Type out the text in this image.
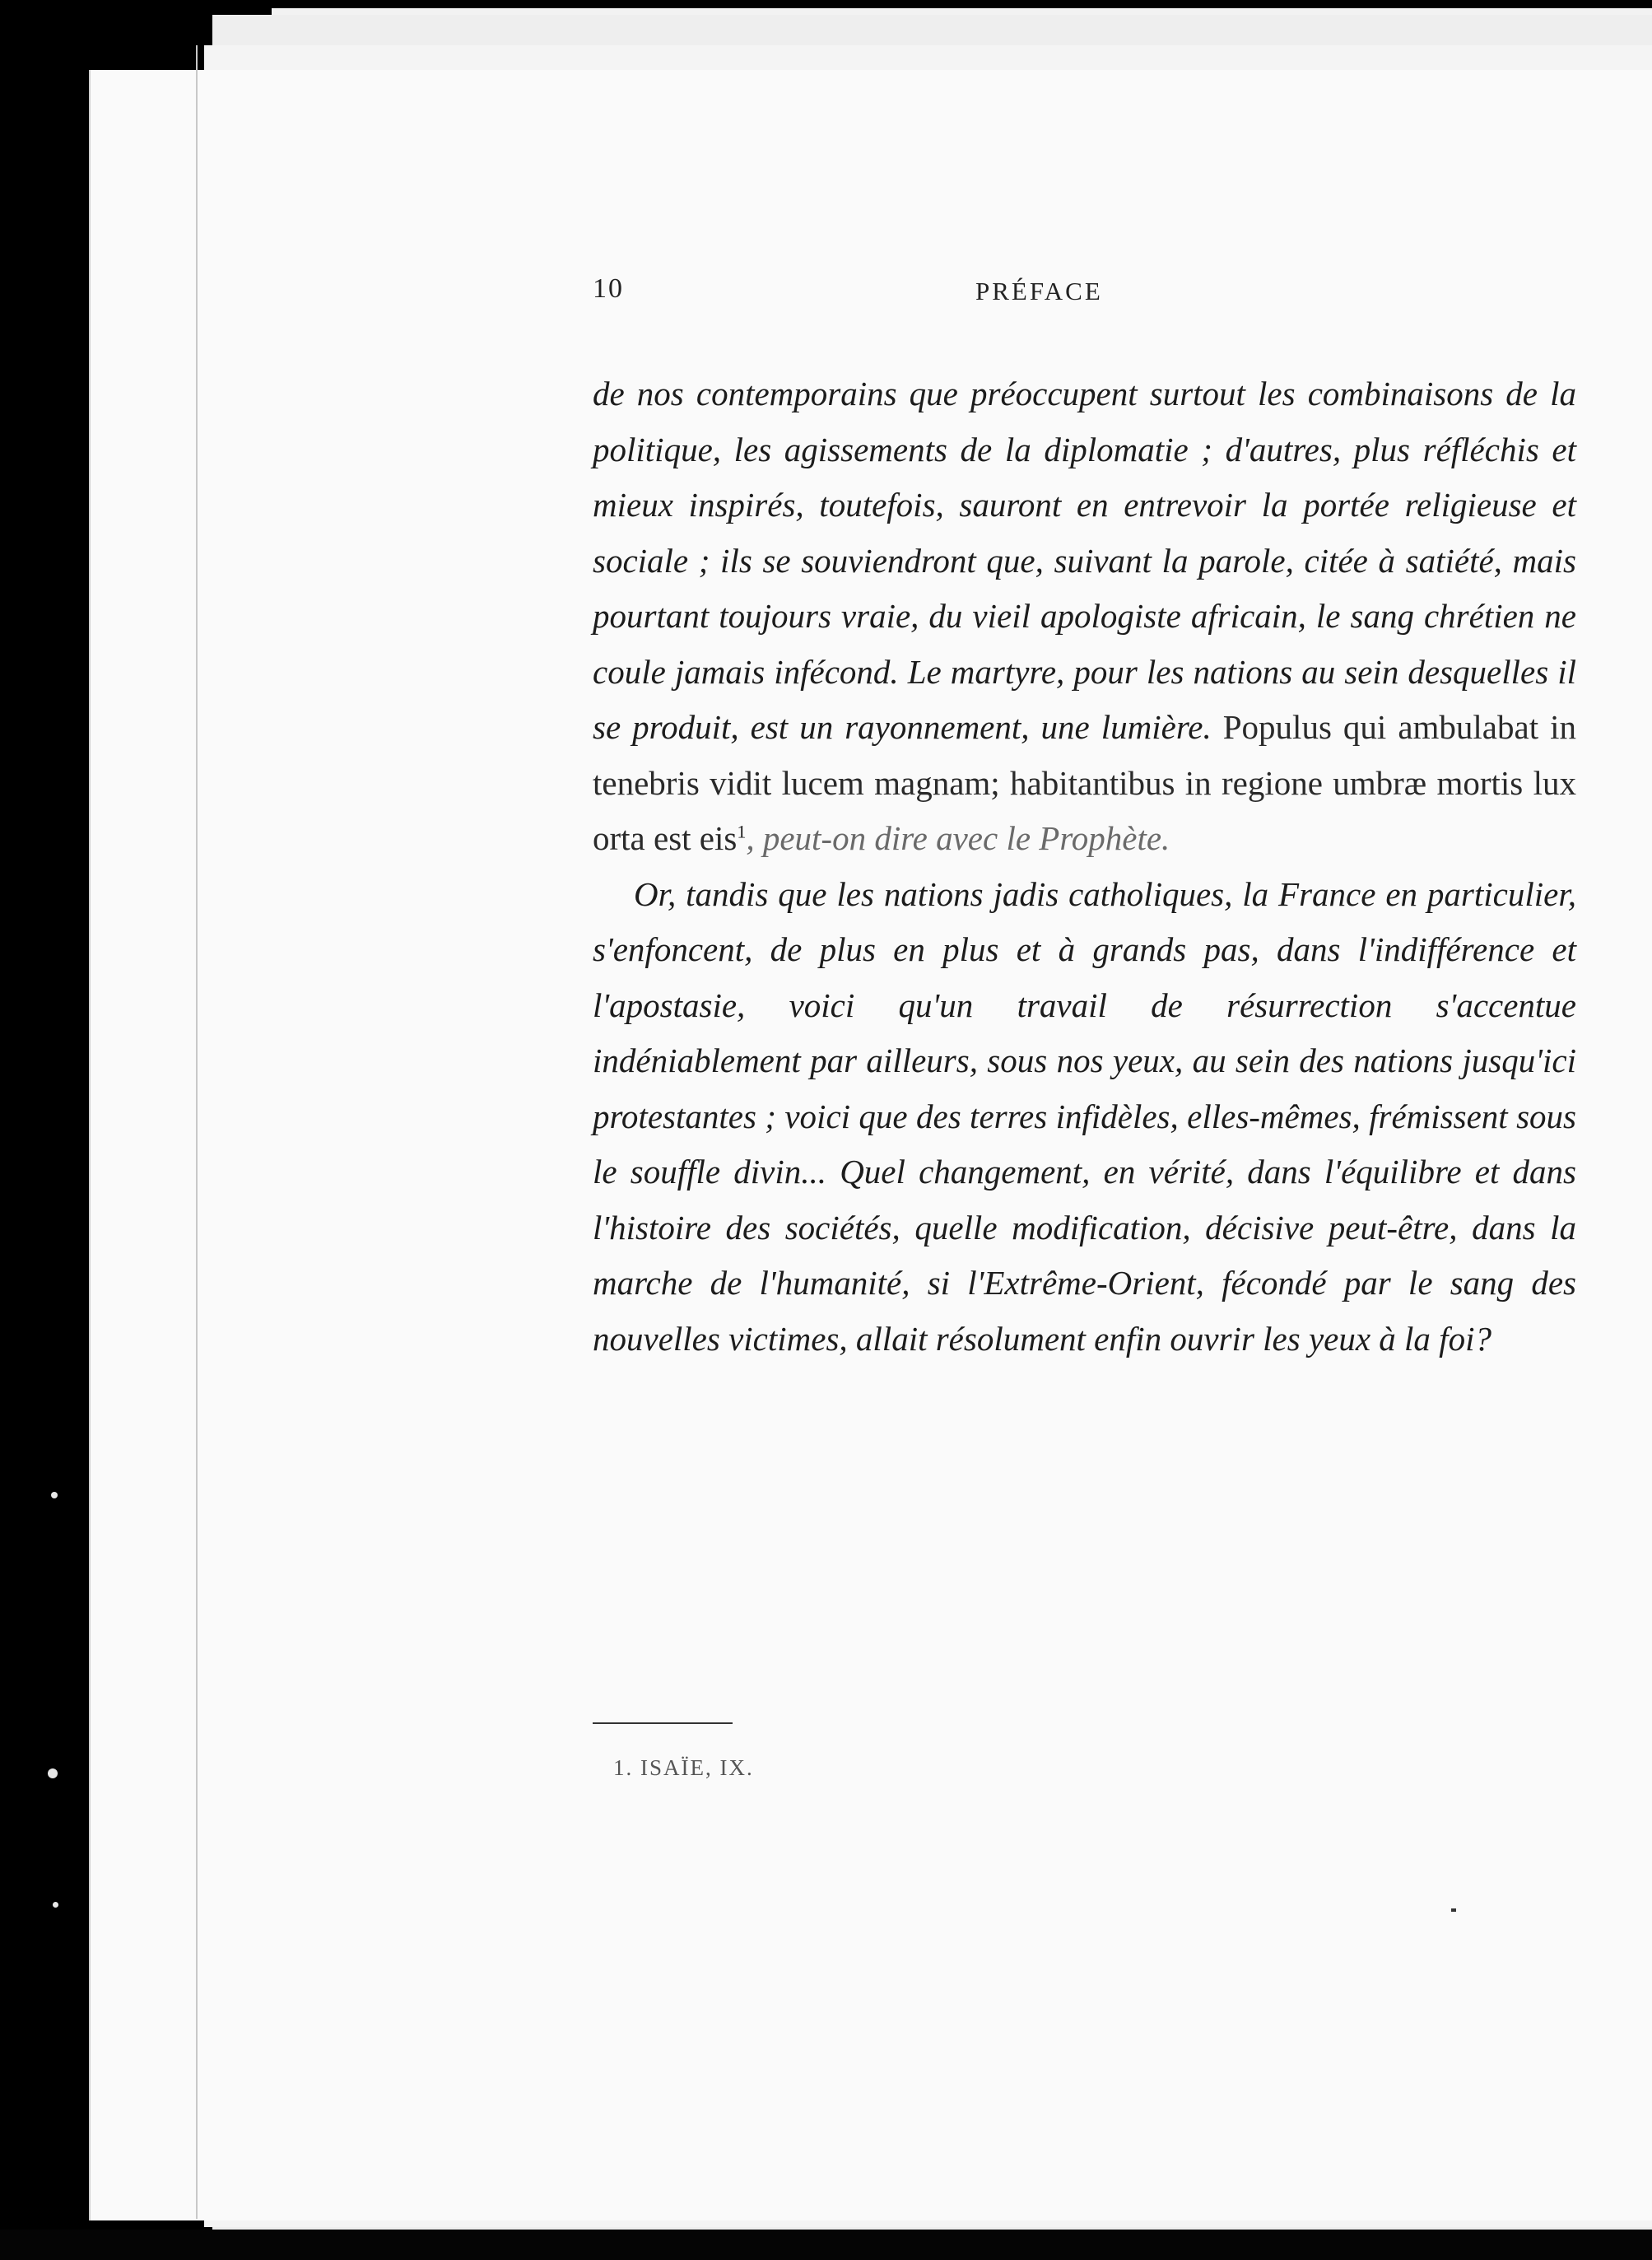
10	PRÉFACE

de nos contemporains que préoccupent surtout les combinaisons de la politique, les agissements de la diplomatie ; d'autres, plus réfléchis et mieux inspirés, toutefois, sauront en entrevoir la portée religieuse et sociale ; ils se souviendront que, suivant la parole, citée à satiété, mais pourtant toujours vraie, du vieil apologiste africain, le sang chrétien ne coule jamais infécond. Le martyre, pour les nations au sein desquelles il se produit, est un rayonnement, une lumière. Populus qui ambulabat in tenebris vidit lucem magnam; habitantibus in regione umbræ mortis lux orta est eis$^1$, peut-on dire avec le Prophète.

Or, tandis que les nations jadis catholiques, la France en particulier, s'enfoncent, de plus en plus et à grands pas, dans l'indifférence et l'apostasie, voici qu'un travail de résurrection s'accentue indéniablement par ailleurs, sous nos yeux, au sein des nations jusqu'ici protestantes ; voici que des terres infidèles, elles-mêmes, frémissent sous le souffle divin... Quel changement, en vérité, dans l'équilibre et dans l'histoire des sociétés, quelle modification, décisive peut-être, dans la marche de l'humanité, si l'Extrême-Orient, fécondé par le sang des nouvelles victimes, allait résolument enfin ouvrir les yeux à la foi?

1. ISAÏE, IX.
